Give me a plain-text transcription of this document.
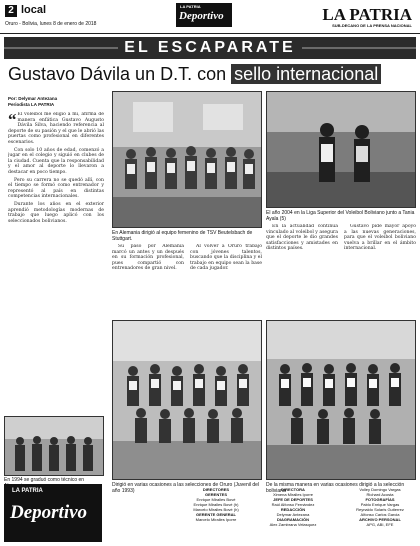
2 local
Oruro - Bolivia, lunes 8 de enero de 2018
LA PATRIA
Deportivo	LA PATRIA
SUB-DECANO DE LA PRENSA NACIONAL
EL ESCAPARATE
Gustavo Dávila un D.T. con sello internacional
Por: Delymar Antezana
Periodista LA PATRIA

“ El voleibol me eligió a mí, afirma de manera enfática Gustavo Augusto Dávila Silva, haciendo referencia al deporte de su pasión y el que le abrió las puertas como profesional en diferentes escenarios.

Con solo 10 años de edad, comenzó a jugar en el colegio y siguió en clubes de la ciudad. Cuenta que la responsabilidad y el amor al deporte lo llevaron a destacar en poco tiempo.

Pero su carrera no se quedó allí, con el tiempo se formó como entrenador y representó al país en distintas competencias internacionales.

Durante los años en el exterior aprendió metodologías modernas de trabajo que luego aplicó con los seleccionados bolivianos.

En Alemania dirigió al equipo femenino de TSV Beutelsbach de Stuttgart.
El año 2004 en la Liga Superior del Voleibol Boliviano junto a Tania Ayala (5)

Su paso por Alemania marcó un antes y un después en su formación profesional, pues compartió con entrenadores de gran nivel.

Al volver a Oruro trabajó con jóvenes talentos, buscando que la disciplina y el trabajo en equipo sean la base de cada jugador.

En la actualidad continúa vinculado al voleibol y asegura que el deporte le dio grandes satisfacciones y amistades en distintos países.

Gustavo pide mayor apoyo a las nuevas generaciones, para que el voleibol boliviano vuelva a brillar en el ámbito internacional.

En 1994 se graduó como técnico en
Dirigió en varias ocasiones a las selecciones de Oruro (Juvenil del año 1993)
De la misma manera en varias ocasiones dirigió a la selección boliviana
LA PATRIA
Deportivo
DIRECTORES
GERENTES
Enrique Miralles Bové
Enrique Miralles Bové (h)
Marcelo Miralles Bové (h)
GERENTE GENERAL
Marcelo Miralles Iporre
DIRECTORA
Ximena Miralles Iporre
JEFE DE DEPORTES
Raúl Alfonso Fernández
REDACCIÓN
Delymar Antezana
DIAGRAMACIÓN
Alex Zambrana Velasquez
Volley Domingo Vargas
Richard Acosta
FOTOGRAFÍAS
Pablo Enrique Vargas
Reynaldo Solaris Gutierrez
Alfonso Carlos Garcia
ARCHIVO PERSONAL
APG, ABI, EFE
